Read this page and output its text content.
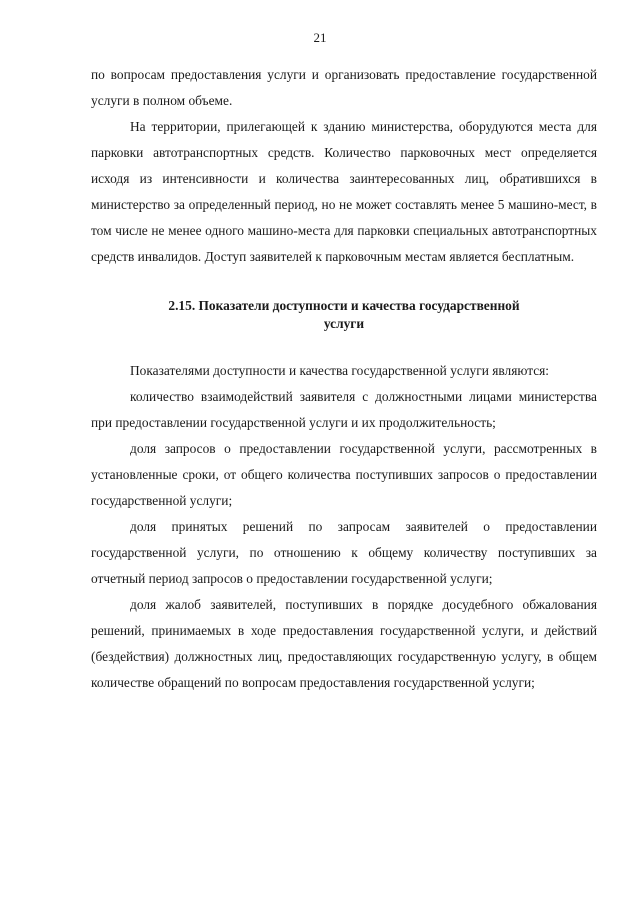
21

по вопросам предоставления услуги и организовать предоставление государственной услуги в полном объеме.

На территории, прилегающей к зданию министерства, оборудуются места для парковки автотранспортных средств. Количество парковочных мест определяется исходя из интенсивности и количества заинтересованных лиц, обратившихся в министерство за определенный период, но не может составлять менее 5 машино-мест, в том числе не менее одного машино-места для парковки специальных автотранспортных средств инвалидов. Доступ заявителей к парковочным местам является бесплатным.

2.15. Показатели доступности и качества государственной
услуги

Показателями доступности и качества государственной услуги являются:

количество взаимодействий заявителя с должностными лицами министерства при предоставлении государственной услуги и их продолжительность;

доля запросов о предоставлении государственной услуги, рассмотренных в установленные сроки, от общего количества поступивших запросов о предоставлении государственной услуги;

доля принятых решений по запросам заявителей о предоставлении государственной услуги, по отношению к общему количеству поступивших за отчетный период запросов о предоставлении государственной услуги;

доля жалоб заявителей, поступивших в порядке досудебного обжалования решений, принимаемых в ходе предоставления государственной услуги, и действий (бездействия) должностных лиц, предоставляющих государственную услугу, в общем количестве обращений по вопросам предоставления государственной услуги;
